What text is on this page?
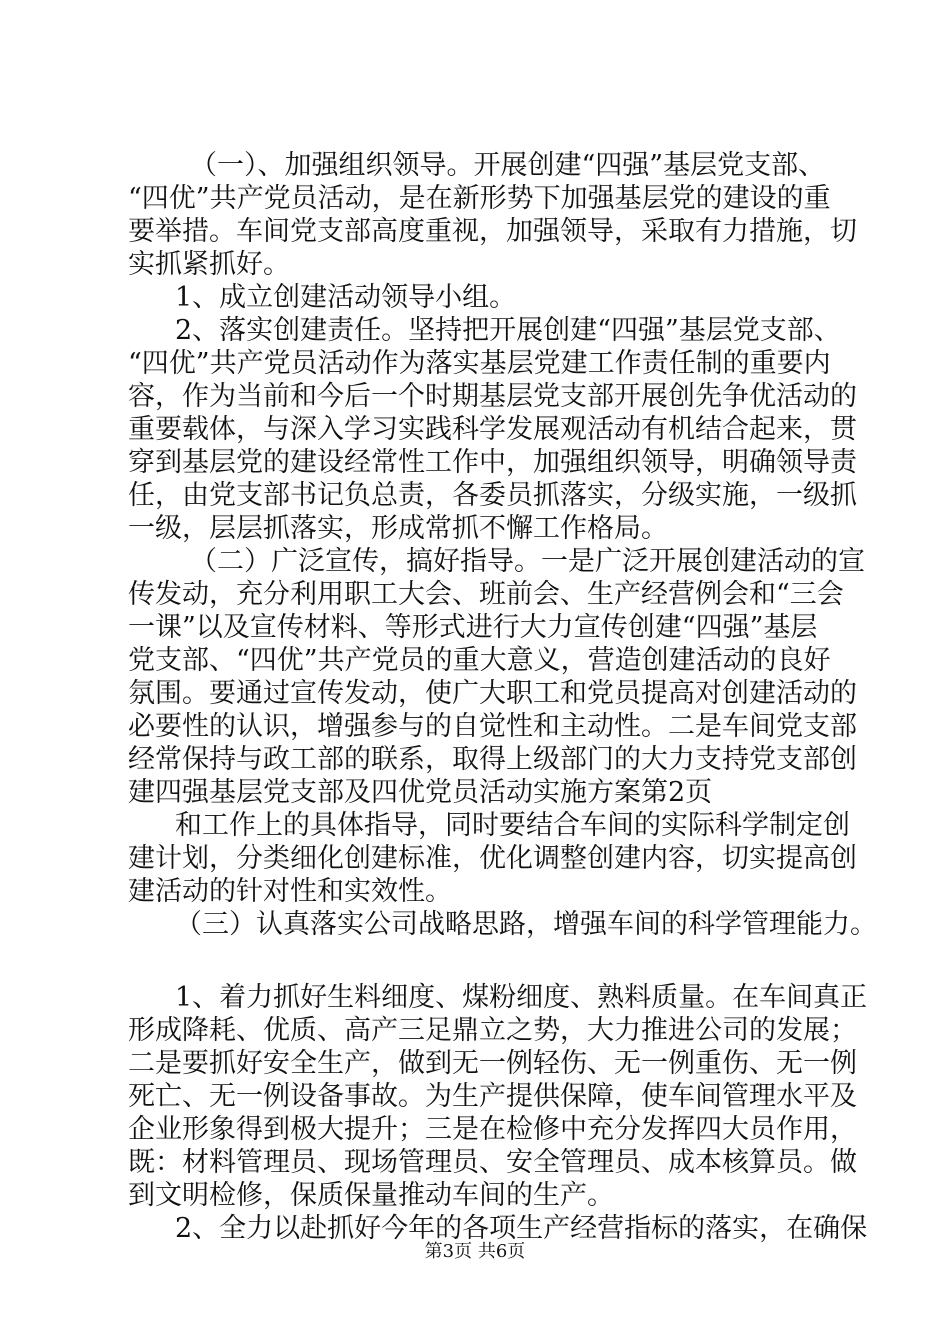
（一）、加强组织领导。开展创建“四强”基层党支部、
“四优”共产党员活动，是在新形势下加强基层党的建设的重
要举措。车间党支部高度重视，加强领导，采取有力措施，切
实抓紧抓好。
1、成立创建活动领导小组。
2、落实创建责任。坚持把开展创建“四强”基层党支部、
“四优”共产党员活动作为落实基层党建工作责任制的重要内
容，作为当前和今后一个时期基层党支部开展创先争优活动的
重要载体，与深入学习实践科学发展观活动有机结合起来，贯
穿到基层党的建设经常性工作中，加强组织领导，明确领导责
任，由党支部书记负总责，各委员抓落实，分级实施，一级抓
一级，层层抓落实，形成常抓不懈工作格局。
（二）广泛宣传，搞好指导。一是广泛开展创建活动的宣
传发动，充分利用职工大会、班前会、生产经营例会和“三会
一课”以及宣传材料、等形式进行大力宣传创建“四强”基层
党支部、“四优”共产党员的重大意义，营造创建活动的良好
氛围。要通过宣传发动，使广大职工和党员提高对创建活动的
必要性的认识，增强参与的自觉性和主动性。二是车间党支部
经常保持与政工部的联系，取得上级部门的大力支持党支部创
建四强基层党支部及四优党员活动实施方案第2页
和工作上的具体指导，同时要结合车间的实际科学制定创
建计划，分类细化创建标准，优化调整创建内容，切实提高创
建活动的针对性和实效性。
（三）认真落实公司战略思路，增强车间的科学管理能力。
1、着力抓好生料细度、煤粉细度、熟料质量。在车间真正
形成降耗、优质、高产三足鼎立之势，大力推进公司的发展；
二是要抓好安全生产，做到无一例轻伤、无一例重伤、无一例
死亡、无一例设备事故。为生产提供保障，使车间管理水平及
企业形象得到极大提升；三是在检修中充分发挥四大员作用，
既：材料管理员、现场管理员、安全管理员、成本核算员。做
到文明检修，保质保量推动车间的生产。
2、全力以赴抓好今年的各项生产经营指标的落实，在确保
第3页 共6页
